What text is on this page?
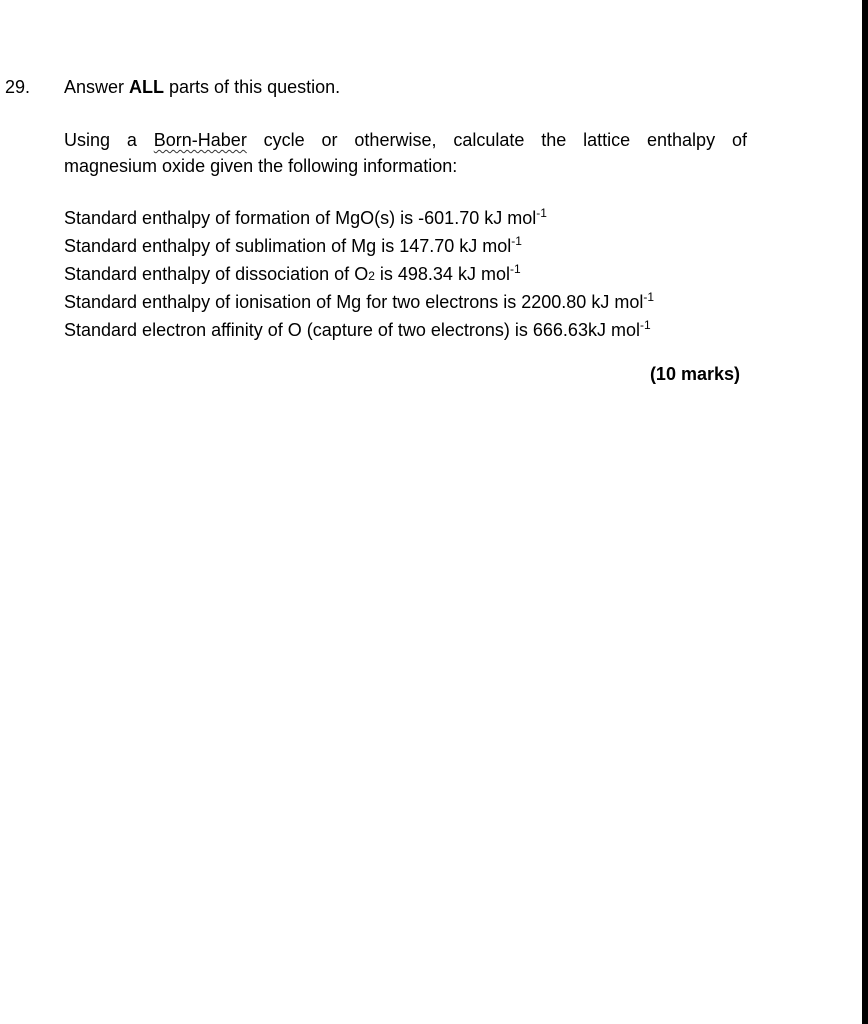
29. Answer ALL parts of this question.
Using a Born-Haber cycle or otherwise, calculate the lattice enthalpy of
magnesium oxide given the following information:
Standard enthalpy of formation of MgO(s) is -601.70 kJ mol$^{-1}$
Standard enthalpy of sublimation of Mg is 147.70 kJ mol$^{-1}$
Standard enthalpy of dissociation of O2 is 498.34 kJ mol$^{-1}$
Standard enthalpy of ionisation of Mg for two electrons is 2200.80 kJ mol$^{-1}$
Standard electron affinity of O (capture of two electrons) is 666.63kJ mol$^{-1}$
(10 marks)
